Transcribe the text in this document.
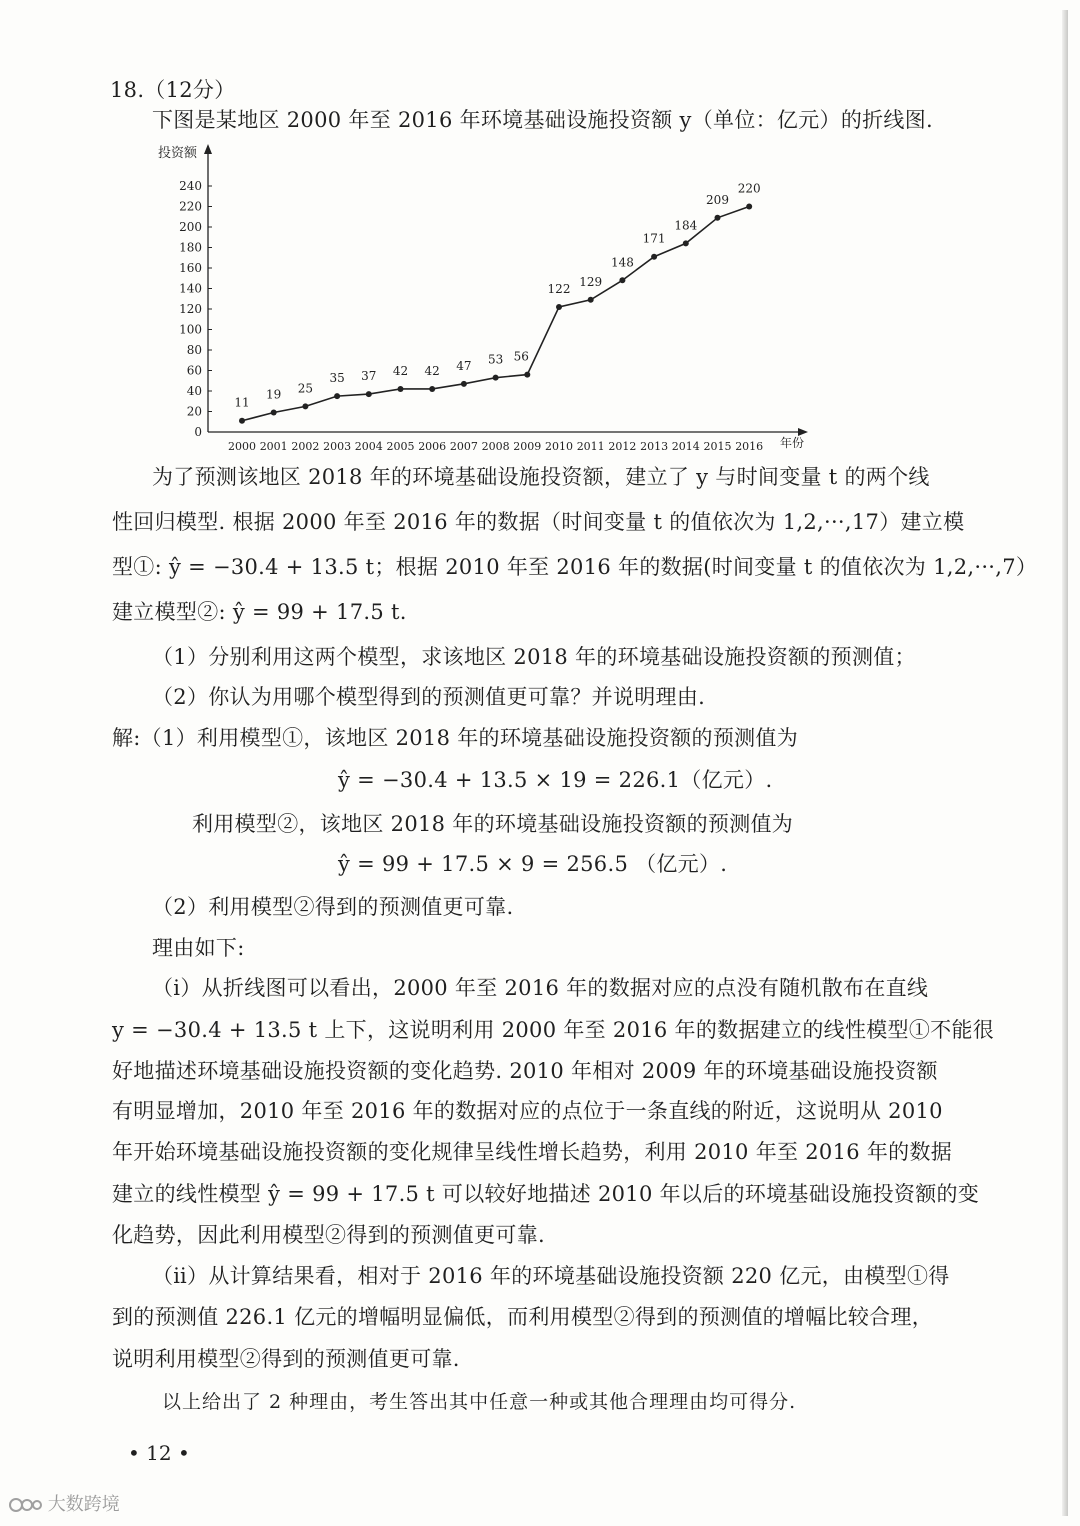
18.（12分）
下图是某地区 2000 年至 2016 年环境基础设施投资额 y（单位：亿元）的折线图.
投资额
年份
0
20
40
60
80
100
120
140
160
180
200
220
240
2000 2001 2002 2003 2004 2005 2006 2007 2008 2009 2010 2011 2012 2013 2014 2015 2016
11
19 25
35 37 42 42 47 53 56
122
129
148
171
184
209
220
为了预测该地区 2018 年的环境基础设施投资额，建立了 y 与时间变量 t 的两个线
性回归模型. 根据 2000 年至 2016 年的数据（时间变量 t 的值依次为 1,2,···,17）建立模
型①: ŷ = −30.4 + 13.5 t；根据 2010 年至 2016 年的数据(时间变量 t 的值依次为 1,2,···,7）
建立模型②: ŷ = 99 + 17.5 t.
（1）分别利用这两个模型，求该地区 2018 年的环境基础设施投资额的预测值；
（2）你认为用哪个模型得到的预测值更可靠？并说明理由.
解:（1）利用模型①，该地区 2018 年的环境基础设施投资额的预测值为
ŷ = −30.4 + 13.5 × 19 = 226.1（亿元）.
利用模型②，该地区 2018 年的环境基础设施投资额的预测值为
ŷ = 99 + 17.5 × 9 = 256.5 （亿元）.
（2）利用模型②得到的预测值更可靠.
理由如下:
（ⅰ）从折线图可以看出，2000 年至 2016 年的数据对应的点没有随机散布在直线
y = −30.4 + 13.5 t 上下，这说明利用 2000 年至 2016 年的数据建立的线性模型①不能很
好地描述环境基础设施投资额的变化趋势. 2010 年相对 2009 年的环境基础设施投资额
有明显增加，2010 年至 2016 年的数据对应的点位于一条直线的附近，这说明从 2010
年开始环境基础设施投资额的变化规律呈线性增长趋势，利用 2010 年至 2016 年的数据
建立的线性模型 ŷ = 99 + 17.5 t 可以较好地描述 2010 年以后的环境基础设施投资额的变
化趋势，因此利用模型②得到的预测值更可靠.
（ⅱ）从计算结果看，相对于 2016 年的环境基础设施投资额 220 亿元，由模型①得
到的预测值 226.1 亿元的增幅明显偏低，而利用模型②得到的预测值的增幅比较合理，
说明利用模型②得到的预测值更可靠.
以上给出了 2 种理由，考生答出其中任意一种或其他合理理由均可得分.
• 12 •
大数跨境
